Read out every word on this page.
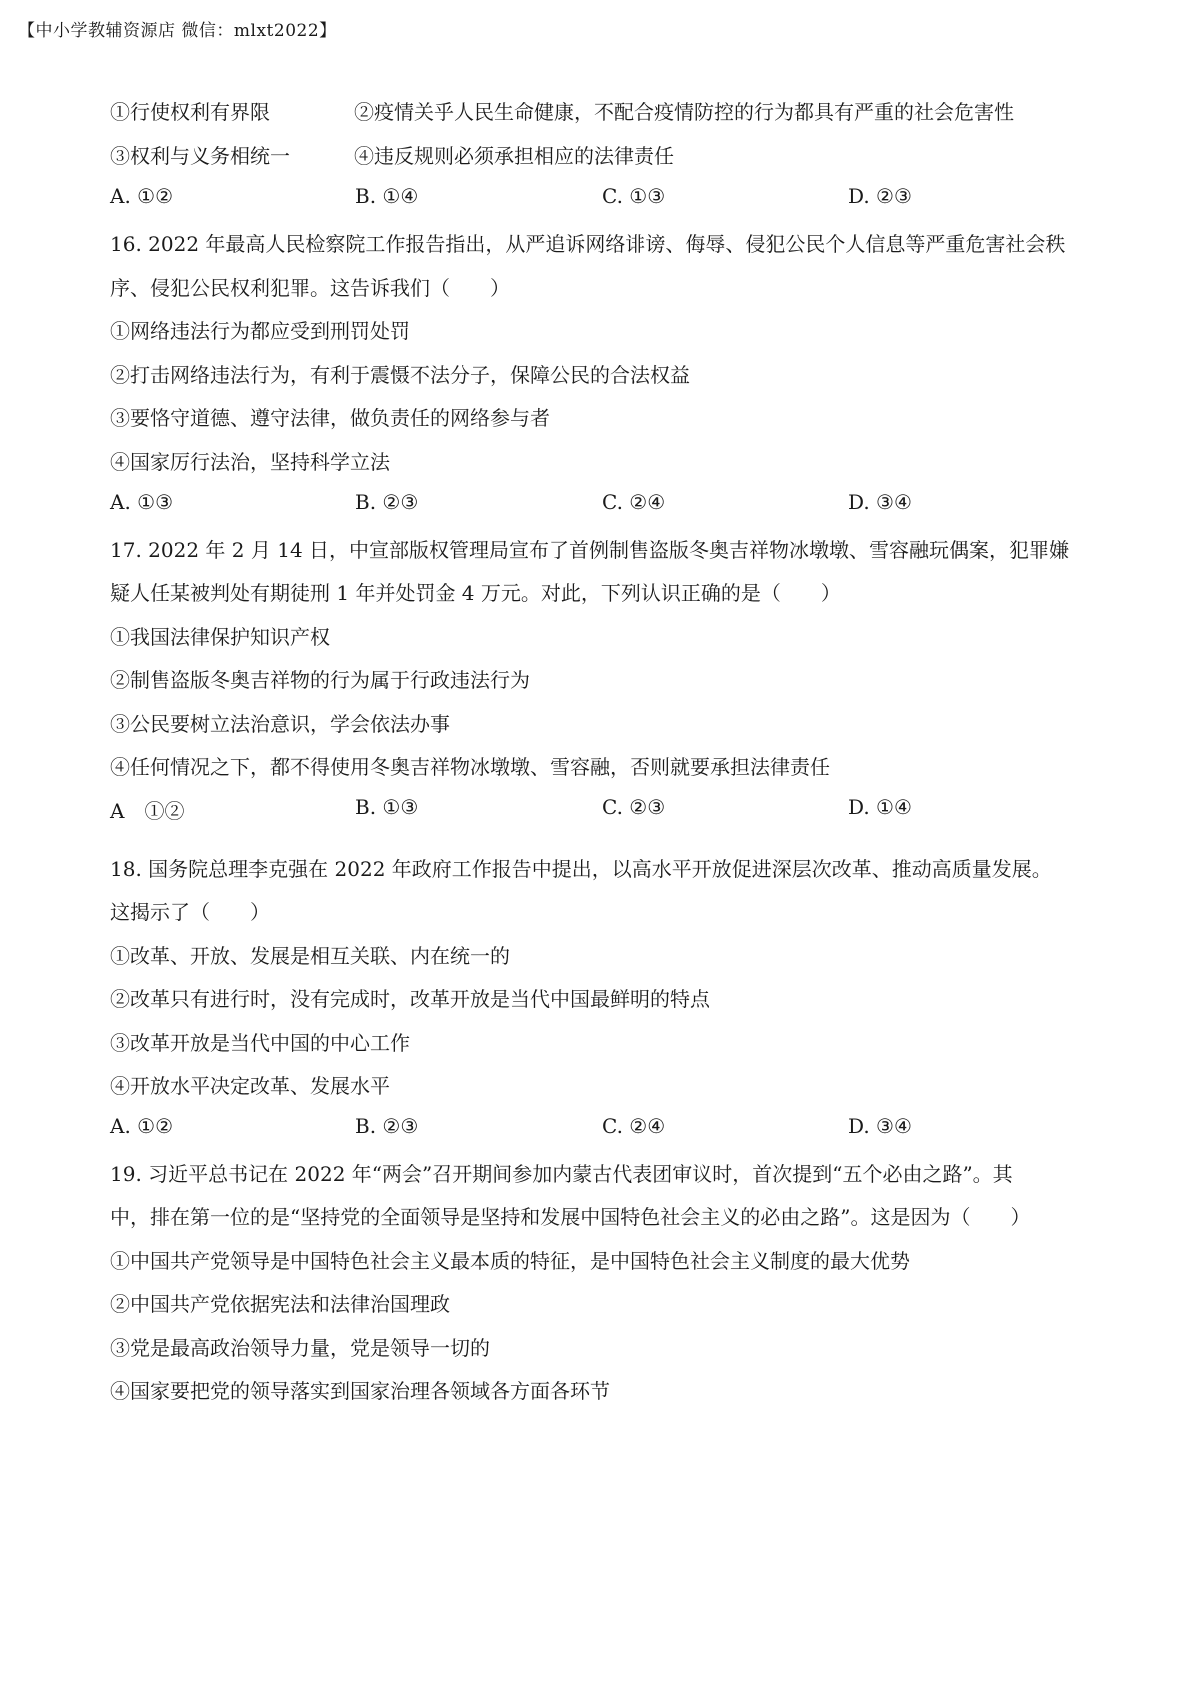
【中小学教辅资源店 微信：mlxt2022】
①行使权利有界限	②疫情关乎人民生命健康，不配合疫情防控的行为都具有严重的社会危害性
③权利与义务相统一	④违反规则必须承担相应的法律责任
A. ①②	B. ①④	C. ①③	D. ②③
16. 2022 年最高人民检察院工作报告指出，从严追诉网络诽谤、侮辱、侵犯公民个人信息等严重危害社会秩
序、侵犯公民权利犯罪。这告诉我们（　　）
①网络违法行为都应受到刑罚处罚
②打击网络违法行为，有利于震慑不法分子，保障公民的合法权益
③要恪守道德、遵守法律，做负责任的网络参与者
④国家厉行法治，坚持科学立法
A. ①③	B. ②③	C. ②④	D. ③④
17. 2022 年 2 月 14 日，中宣部版权管理局宣布了首例制售盗版冬奥吉祥物冰墩墩、雪容融玩偶案，犯罪嫌
疑人任某被判处有期徒刑 1 年并处罚金 4 万元。对此，下列认识正确的是（　　）
①我国法律保护知识产权
②制售盗版冬奥吉祥物的行为属于行政违法行为
③公民要树立法治意识，学会依法办事
④任何情况之下，都不得使用冬奥吉祥物冰墩墩、雪容融，否则就要承担法律责任
A　①②	B. ①③	C. ②③	D. ①④
18. 国务院总理李克强在 2022 年政府工作报告中提出，以高水平开放促进深层次改革、推动高质量发展。
这揭示了（　　）
①改革、开放、发展是相互关联、内在统一的
②改革只有进行时，没有完成时，改革开放是当代中国最鲜明的特点
③改革开放是当代中国的中心工作
④开放水平决定改革、发展水平
A. ①②	B. ②③	C. ②④	D. ③④
19. 习近平总书记在 2022 年“两会”召开期间参加内蒙古代表团审议时，首次提到“五个必由之路”。其
中，排在第一位的是“坚持党的全面领导是坚持和发展中国特色社会主义的必由之路”。这是因为（　　）
①中国共产党领导是中国特色社会主义最本质的特征，是中国特色社会主义制度的最大优势
②中国共产党依据宪法和法律治国理政
③党是最高政治领导力量，党是领导一切的
④国家要把党的领导落实到国家治理各领域各方面各环节
